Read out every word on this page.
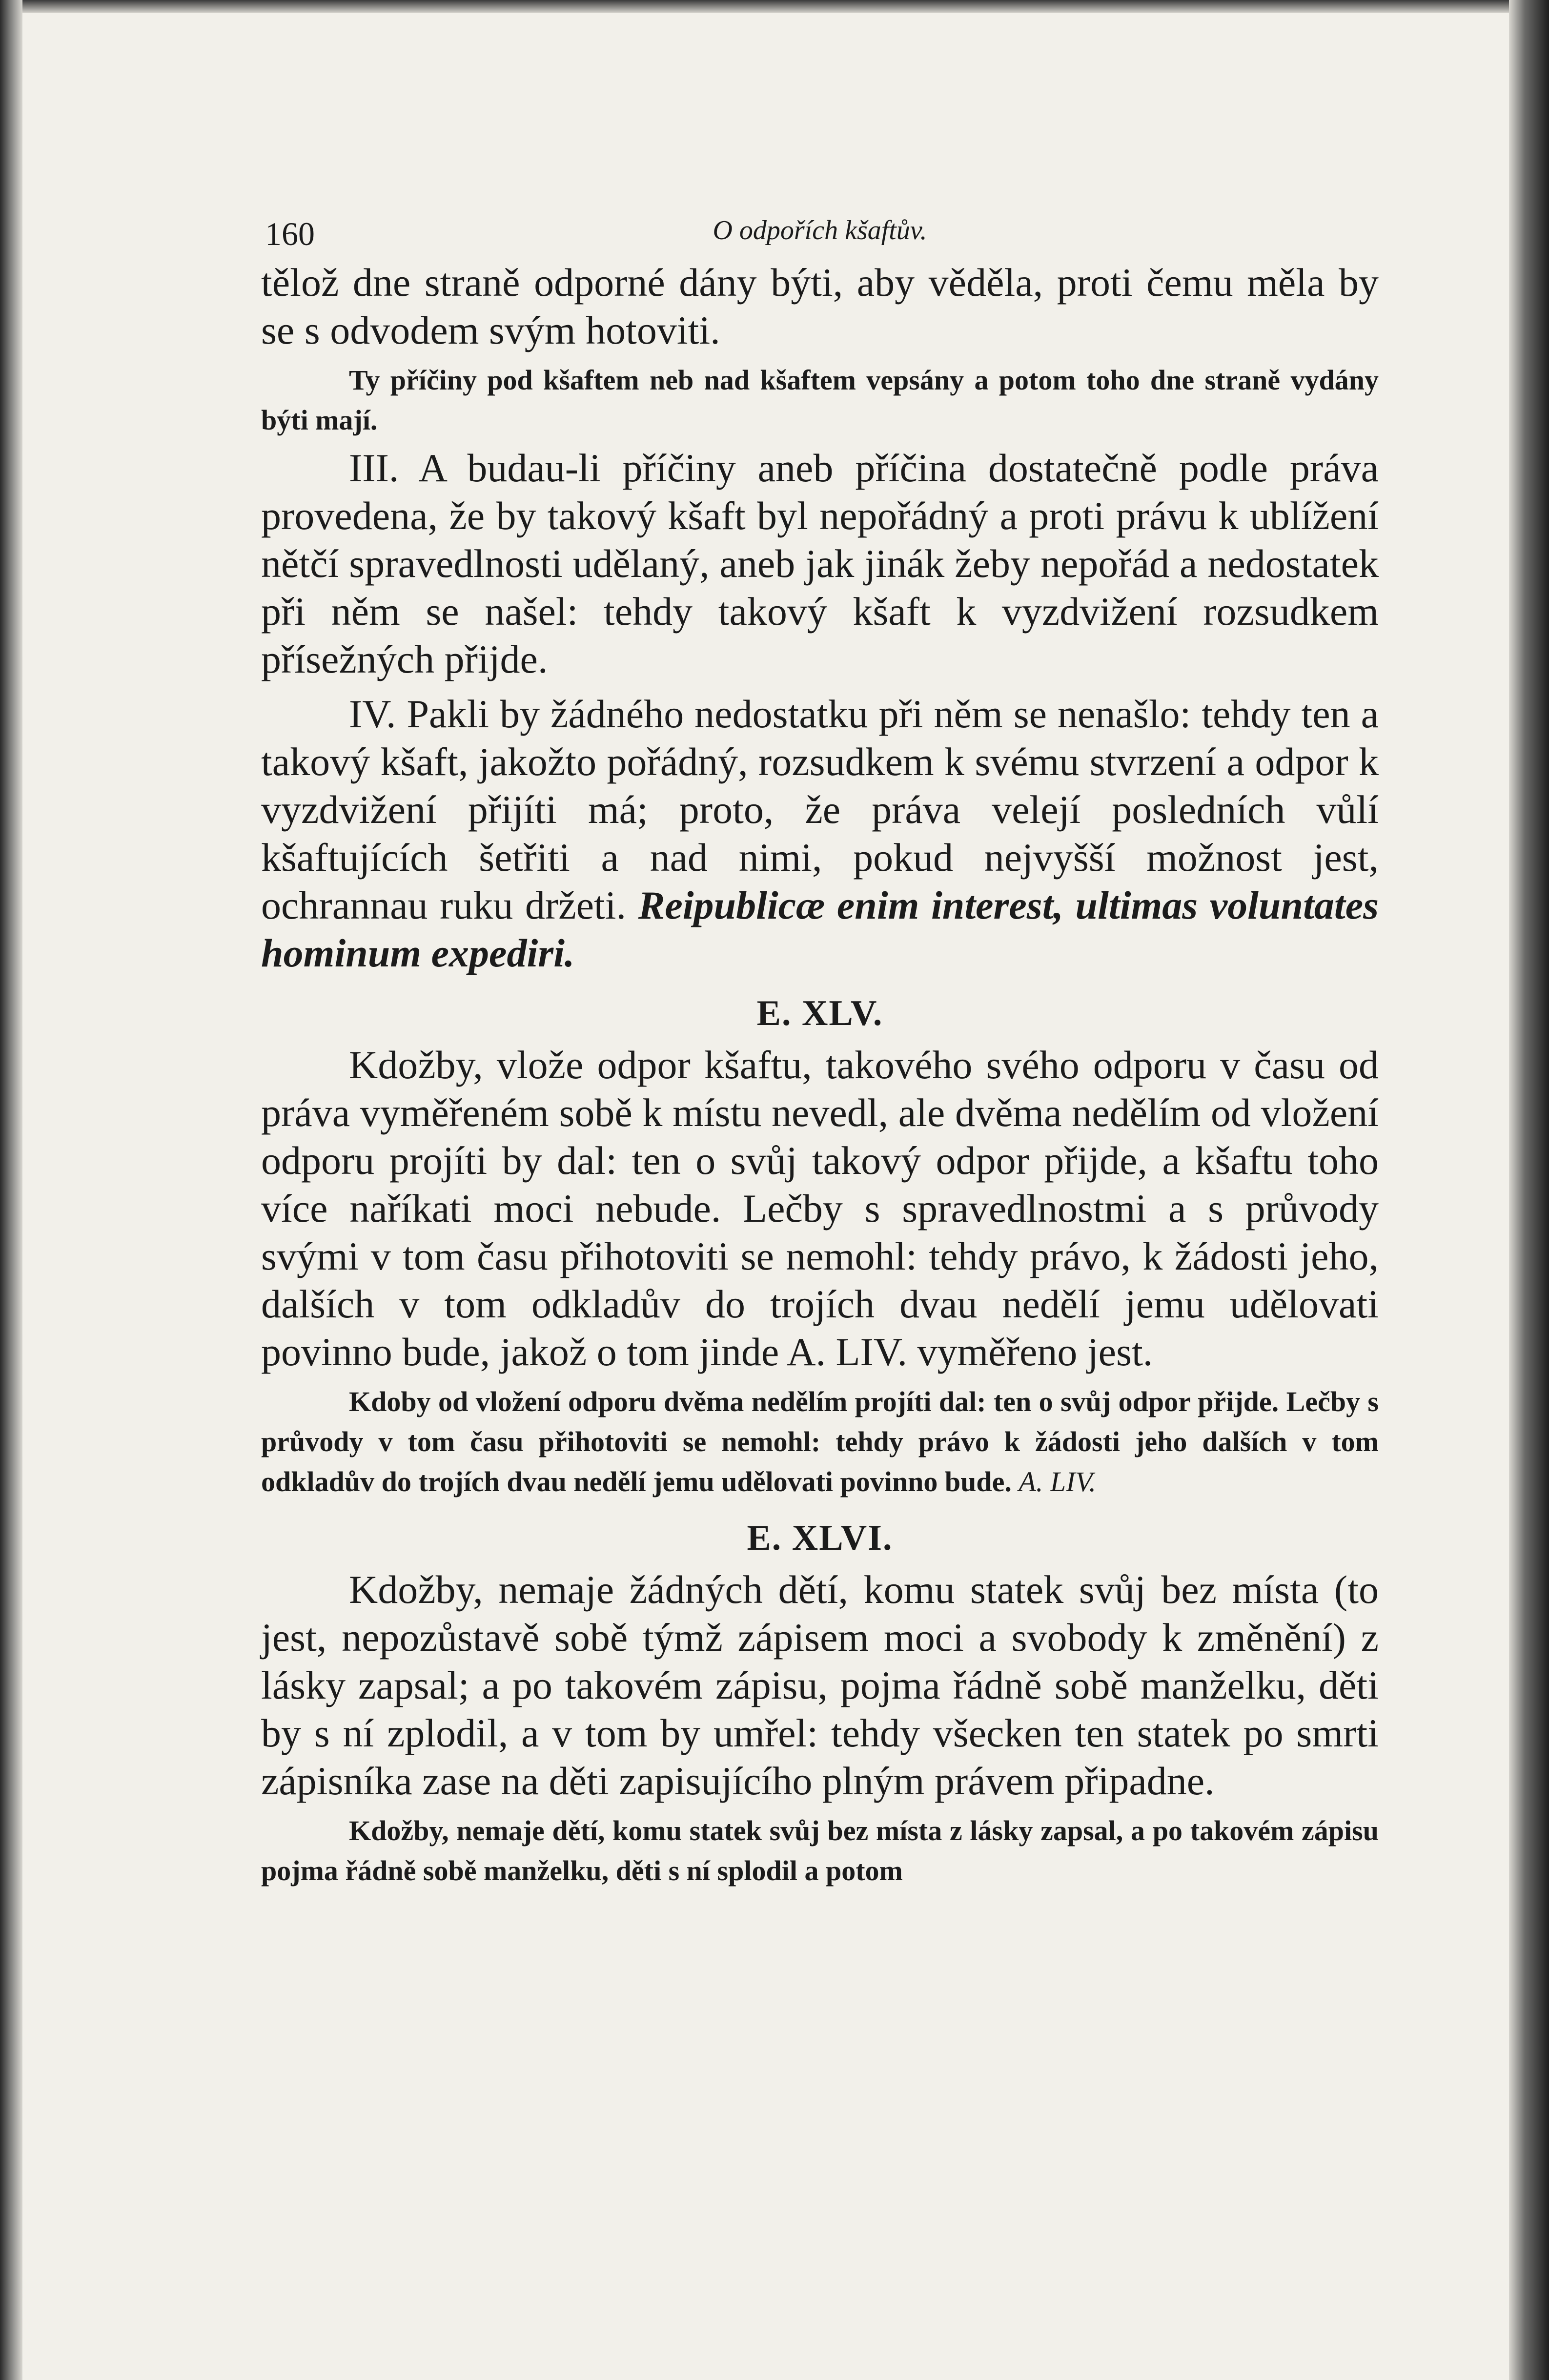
160	O odpořích kšaftův.

tělož dne straně odporné dány býti, aby věděla, proti čemu měla by se s odvodem svým hotoviti.

Ty příčiny pod kšaftem neb nad kšaftem vepsány a potom toho dne straně vydány býti mají.

III. A budau-li příčiny aneb příčina dostatečně podle práva provedena, že by takový kšaft byl nepořádný a proti právu k ublížení nětčí spravedlnosti udělaný, aneb jak jinák žeby nepořád a nedostatek při něm se našel: tehdy takový kšaft k vyzdvižení rozsudkem přísežných přijde.

IV. Pakli by žádného nedostatku při něm se nenašlo: tehdy ten a takový kšaft, jakožto pořádný, rozsudkem k svému stvrzení a odpor k vyzdvižení přijíti má; proto, že práva velejí posledních vůlí kšaftujících šetřiti a nad nimi, pokud nejvyšší možnost jest, ochrannau ruku držeti. Reipublicæ enim interest, ultimas voluntates hominum expediri.

E. XLV.

Kdožby, vlože odpor kšaftu, takového svého odporu v času od práva vyměřeném sobě k místu nevedl, ale dvěma nedělím od vložení odporu projíti by dal: ten o svůj takový odpor přijde, a kšaftu toho více naříkati moci nebude. Lečby s spravedlnostmi a s průvody svými v tom času přihotoviti se nemohl: tehdy právo, k žádosti jeho, dalších v tom odkladův do trojích dvau nedělí jemu udělovati povinno bude, jakož o tom jinde A. LIV. vyměřeno jest.

Kdoby od vložení odporu dvěma nedělím projíti dal: ten o svůj odpor přijde. Lečby s průvody v tom času přihotoviti se nemohl: tehdy právo k žádosti jeho dalších v tom odkladův do trojích dvau nedělí jemu udělovati povinno bude. A. LIV.

E. XLVI.

Kdožby, nemaje žádných dětí, komu statek svůj bez místa (to jest, nepozůstavě sobě týmž zápisem moci a svobody k změnění) z lásky zapsal; a po takovém zápisu, pojma řádně sobě manželku, děti by s ní zplodil, a v tom by umřel: tehdy všecken ten statek po smrti zápisníka zase na děti zapisujícího plným právem připadne.

Kdožby, nemaje dětí, komu statek svůj bez místa z lásky zapsal, a po takovém zápisu pojma řádně sobě manželku, děti s ní splodil a potom
